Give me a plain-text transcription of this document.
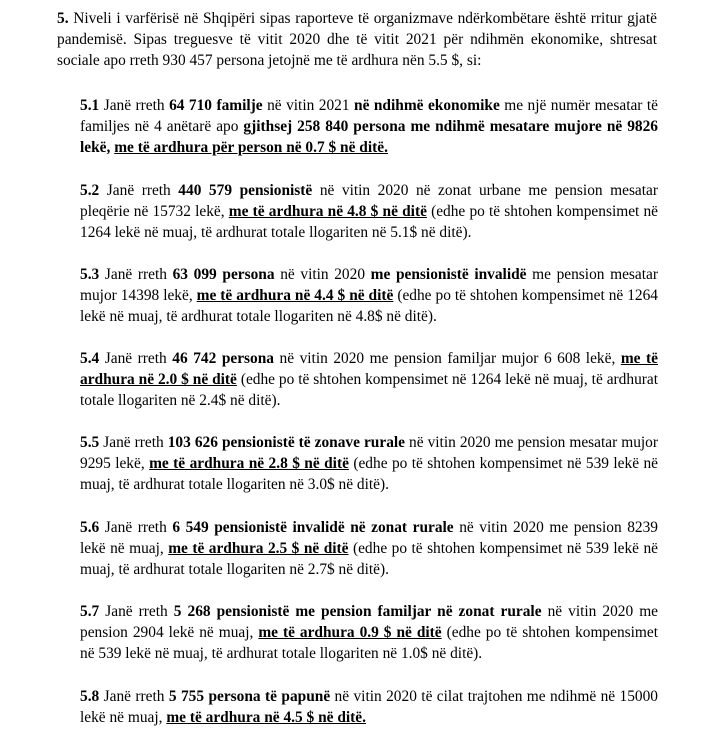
5. Niveli i varfërisë në Shqipëri sipas raporteve të organizmave ndërkombëtare është rritur gjatë pandemisë. Sipas treguesve të vitit 2020 dhe të vitit 2021 për ndihmën ekonomike, shtresat sociale apo rreth 930 457 persona jetojnë me të ardhura nën 5.5 $, si:
5.1 Janë rreth 64 710 familje në vitin 2021 në ndihmë ekonomike me një numër mesatar të familjes në 4 anëtarë apo gjithsej 258 840 persona me ndihmë mesatare mujore në 9826 lekë, me të ardhura për person në 0.7 $ në ditë.
5.2 Janë rreth 440 579 pensionistë në vitin 2020 në zonat urbane me pension mesatar pleqërie në 15732 lekë, me të ardhura në 4.8 $ në ditë (edhe po të shtohen kompensimet në 1264 lekë në muaj, të ardhurat totale llogariten në 5.1$ në ditë).
5.3 Janë rreth 63 099 persona në vitin 2020 me pensionistë invalidë me pension mesatar mujor 14398 lekë, me të ardhura në 4.4 $ në ditë (edhe po të shtohen kompensimet në 1264 lekë në muaj, të ardhurat totale llogariten në 4.8$ në ditë).
5.4 Janë rreth 46 742 persona në vitin 2020 me pension familjar mujor 6 608 lekë, me të ardhura në 2.0 $ në ditë (edhe po të shtohen kompensimet në 1264 lekë në muaj, të ardhurat totale llogariten në 2.4$ në ditë).
5.5 Janë rreth 103 626 pensionistë të zonave rurale në vitin 2020 me pension mesatar mujor 9295 lekë, me të ardhura në 2.8 $ në ditë (edhe po të shtohen kompensimet në 539 lekë në muaj, të ardhurat totale llogariten në 3.0$ në ditë).
5.6 Janë rreth 6 549 pensionistë invalidë në zonat rurale në vitin 2020 me pension 8239 lekë në muaj, me të ardhura 2.5 $ në ditë (edhe po të shtohen kompensimet në 539 lekë në muaj, të ardhurat totale llogariten në 2.7$ në ditë).
5.7 Janë rreth 5 268 pensionistë me pension familjar në zonat rurale në vitin 2020 me pension 2904 lekë në muaj, me të ardhura 0.9 $ në ditë (edhe po të shtohen kompensimet në 539 lekë në muaj, të ardhurat totale llogariten në 1.0$ në ditë).
5.8 Janë rreth 5 755 persona të papunë në vitin 2020 të cilat trajtohen me ndihmë në 15000 lekë në muaj, me të ardhura në 4.5 $ në ditë.
